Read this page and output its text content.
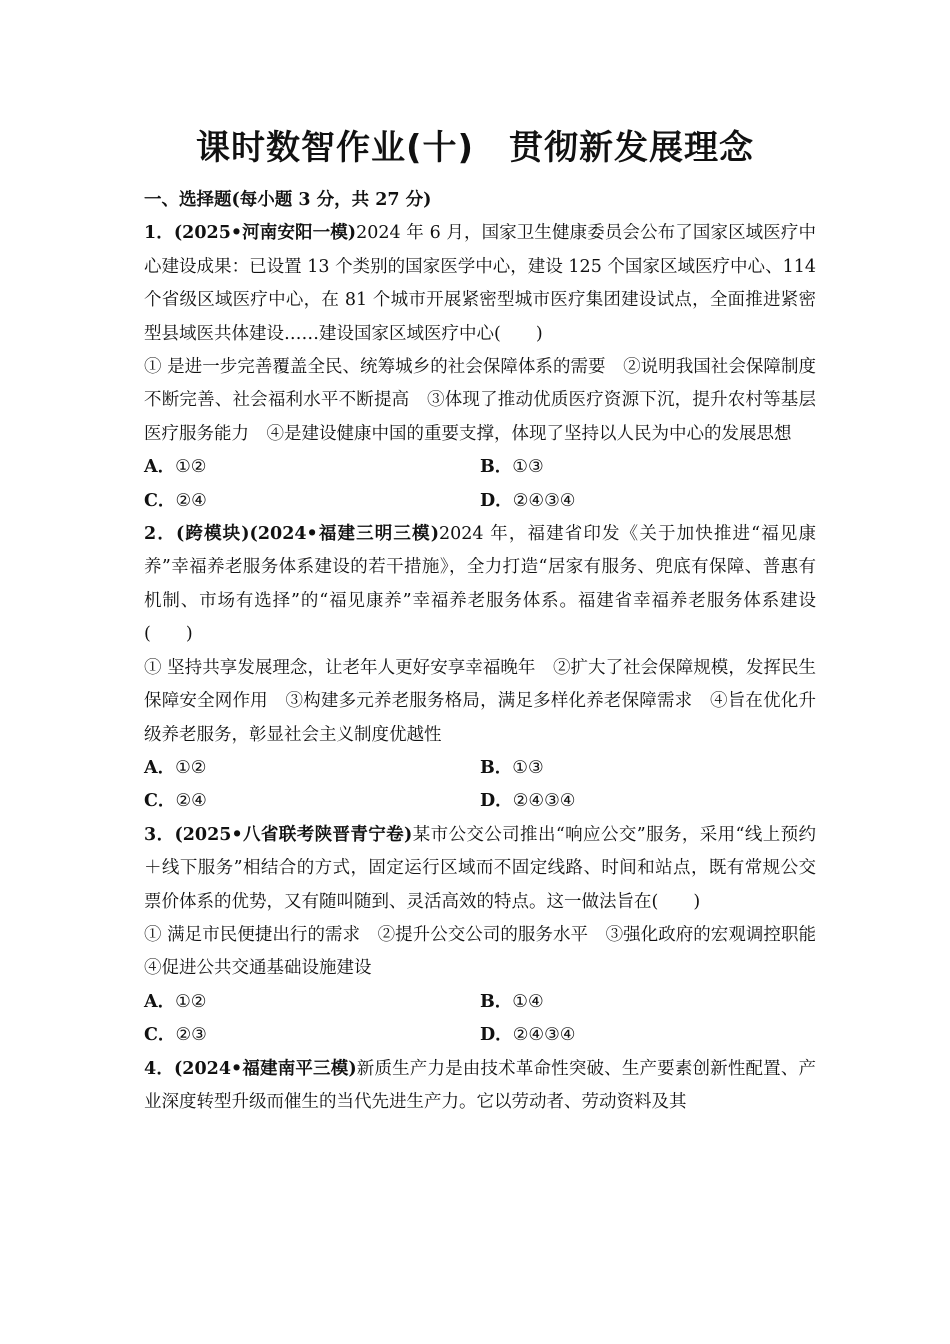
课时数智作业(十)　贯彻新发展理念
一、选择题(每小题 3 分，共 27 分)
1．(2025•河南安阳一模)2024 年 6 月，国家卫生健康委员会公布了国家区域医疗中心建设成果：已设置 13 个类别的国家医学中心，建设 125 个国家区域医疗中心、114 个省级区域医疗中心，在 81 个城市开展紧密型城市医疗集团建设试点，全面推进紧密型县域医共体建设……建设国家区域医疗中心(　　)
① 是进一步完善覆盖全民、统筹城乡的社会保障体系的需要　②说明我国社会保障制度不断完善、社会福利水平不断提高　③体现了推动优质医疗资源下沉，提升农村等基层医疗服务能力　④是建设健康中国的重要支撑，体现了坚持以人民为中心的发展思想
A．①②	B．①③
C．②④	D．②④③④
2．(跨模块)(2024•福建三明三模)2024 年，福建省印发《关于加快推进“福见康养”幸福养老服务体系建设的若干措施》，全力打造“居家有服务、兜底有保障、普惠有机制、市场有选择”的“福见康养”幸福养老服务体系。福建省幸福养老服务体系建设(　　)
① 坚持共享发展理念，让老年人更好安享幸福晚年　②扩大了社会保障规模，发挥民生保障安全网作用　③构建多元养老服务格局，满足多样化养老保障需求　④旨在优化升级养老服务，彰显社会主义制度优越性
A．①②	B．①③
C．②④	D．②④③④
3．(2025•八省联考陕晋青宁卷)某市公交公司推出“响应公交”服务，采用“线上预约＋线下服务”相结合的方式，固定运行区域而不固定线路、时间和站点，既有常规公交票价体系的优势，又有随叫随到、灵活高效的特点。这一做法旨在(　　)
① 满足市民便捷出行的需求　②提升公交公司的服务水平　③强化政府的宏观调控职能　④促进公共交通基础设施建设
A．①②	B．①④
C．②③	D．②④③④
4．(2024•福建南平三模)新质生产力是由技术革命性突破、生产要素创新性配置、产业深度转型升级而催生的当代先进生产力。它以劳动者、劳动资料及其
